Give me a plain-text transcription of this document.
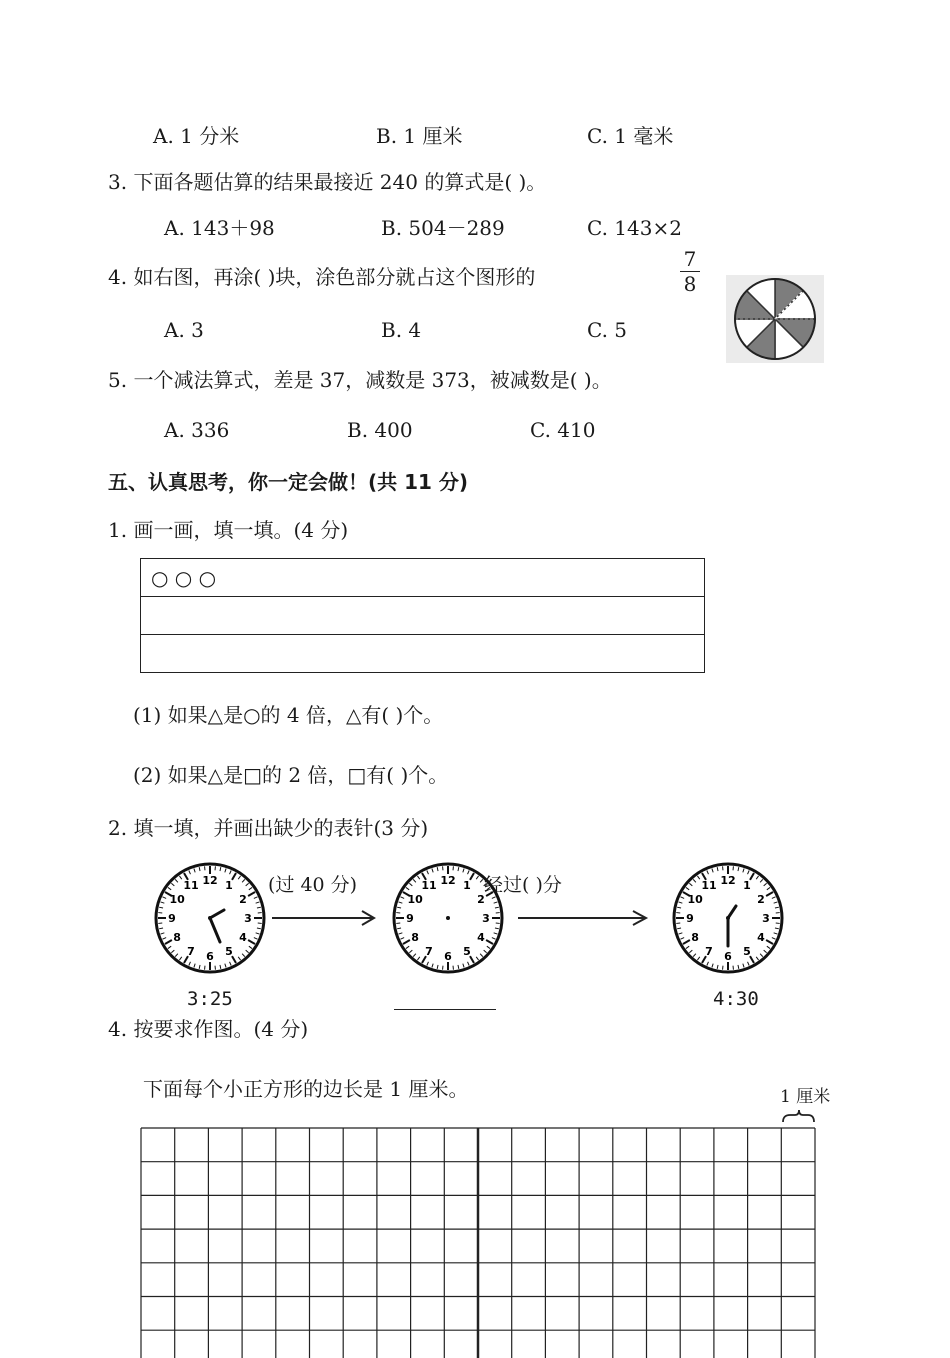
A. 1 分米	B. 1 厘米	C. 1 毫米
3. 下面各题估算的结果最接近 240 的算式是( )。
A. 143＋98	B. 504－289	C. 143×2
4. 如右图，再涂( )块，涂色部分就占这个图形的
7
8
A. 3	B. 4	C. 5
5. 一个减法算式，差是 37，减数是 373，被减数是( )。
A. 336	B. 400	C. 410
五、认真思考，你一定会做！(共 11 分)
1. 画一画，填一填。(4 分)
○ ○ ○

(1) 如果△是○的 4 倍，△有( )个。
(2) 如果△是□的 2 倍，□有( )个。
2. 填一填，并画出缺少的表针(3 分)
12 1
2
3
4
5
6
7
8
9
10
11	(过 40 分)	12 1
2
3
4
5
6
7
8
9
10
11 经过( )分	12 1
2
3
4
5
6
7
8
9
10
11
3:25	4:30
4. 按要求作图。(4 分)
下面每个小正方形的边长是 1 厘米。	1 厘米
